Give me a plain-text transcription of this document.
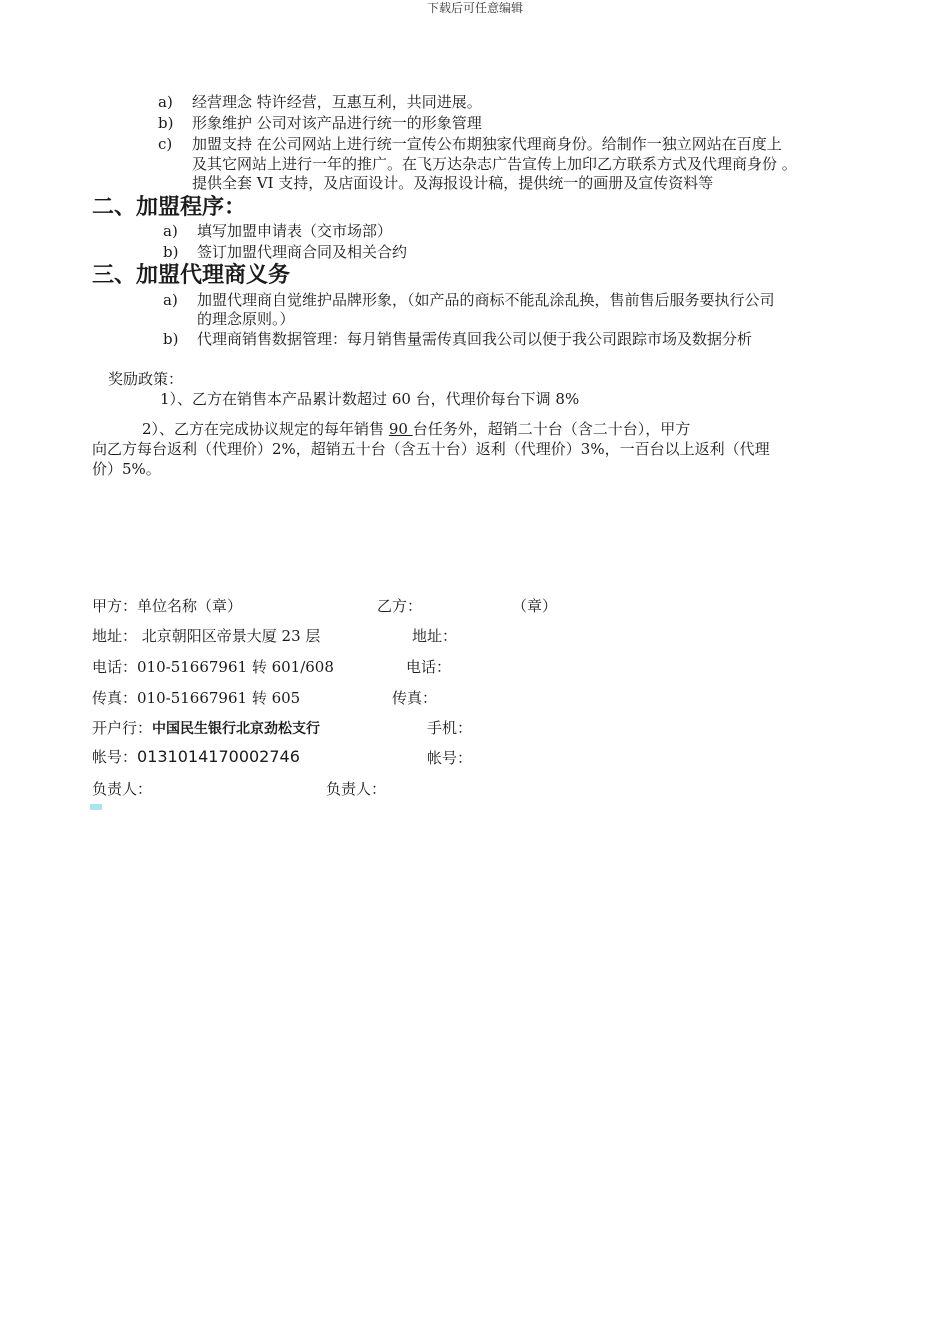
下载后可任意编辑
a) 经营理念 特许经营，互惠互利，共同进展。
b) 形象维护 公司对该产品进行统一的形象管理
c) 加盟支持 在公司网站上进行统一宣传公布期独家代理商身份。给制作一独立网站在百度上
及其它网站上进行一年的推广。在飞万达杂志广告宣传上加印乙方联系方式及代理商身份 。
提供全套 VI 支持，及店面设计。及海报设计稿，提供统一的画册及宣传资料等
二、加盟程序：
a) 填写加盟申请表（交市场部）
b) 签订加盟代理商合同及相关合约
三、加盟代理商义务
a) 加盟代理商自觉维护品牌形象，（如产品的商标不能乱涂乱换，售前售后服务要执行公司
的理念原则。）
b) 代理商销售数据管理：每月销售量需传真回我公司以便于我公司跟踪市场及数据分析
奖励政策：
1）、乙方在销售本产品累计数超过 60 台，代理价每台下调 8%
2）、乙方在完成协议规定的每年销售 90 台任务外，超销二十台（含二十台），甲方
向乙方每台返利（代理价）2%，超销五十台（含五十台）返利（代理价）3%，一百台以上返利（代理
价）5%。
甲方：单位名称（章）
地址： 北京朝阳区帝景大厦 23 层
电话：010-51667961 转 601/608
传真：010-51667961 转 605
开户行：中国民生银行北京劲松支行
帐号：0131014170002746
负责人：
乙方：	（章）
地址：
电话：
传真：
手机：
帐号：
负责人：
